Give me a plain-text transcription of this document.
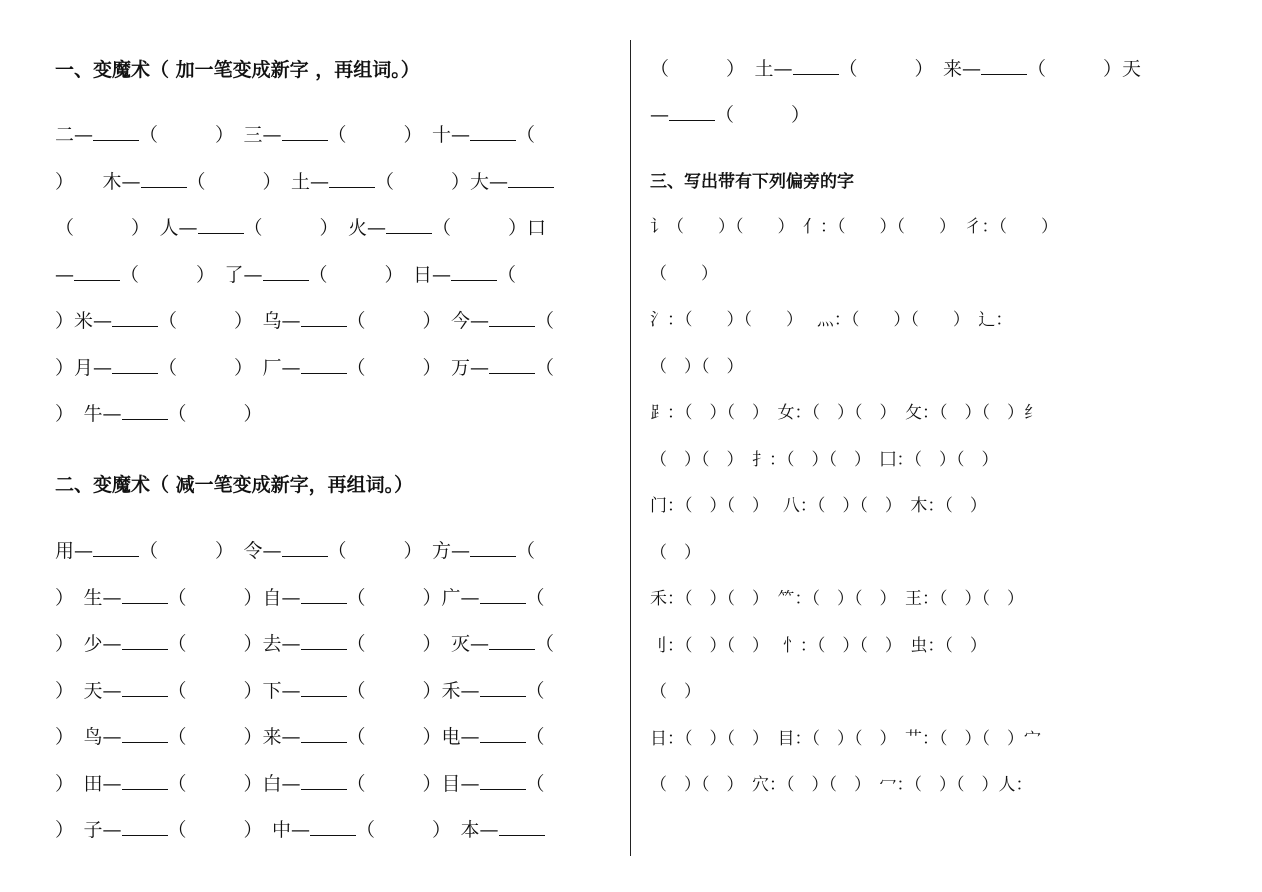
一、变魔术（ 加一笔变成新字 ，再组词。）
二— （　　　）　三— （　　　）　十— （
）　　木— （　　　）　土— （　　　）大—
（　　　）　人— （　　　）　火— （　　　）口
— （　　　）　了— （　　　）　日— （
）米— （　　　）　乌— （　　　）　今— （
）月— （　　　）　厂— （　　　）　万— （
）　牛— （　　　）
二、变魔术（ 减一笔变成新字，再组词。）
用— （　　　）　令— （　　　）　方— （
）　生— （　　　）自— （　　　）广— （
）　少— （　　　）去— （　　　）　灭— （
）　天— （　　　）下— （　　　）禾— （
）　鸟— （　　　）来— （　　　）电— （
）　田— （　　　）白— （　　　）目— （
）　子— （　　　）　中— （　　　）　本—
（　　　）　土— （　　　）　来— （　　　）天
— （　　　）
三、写出带有下列偏旁的字
讠（　　）（　　）　亻：（　　）（　　）　彳：（　　）
（　　）
氵：（　　）（　　）　 灬：（　　）（　　）　辶：
（　）（　）
⻊：（　）（　）　女：（　）（　）　攵：（　）（　）纟
（　）（　）　扌：（　）（　）　囗：（　）（　）
门：（　）（　）　 八：（　）（　）　木：（　）
（　）
禾：（　）（　）　⺮：（　）（　）　王：（　）（　）
刂：（　）（　）　 忄：（　）（　）　虫：（　）
（　）
日：（　）（　）　目：（　）（　）　艹：（　）（　）宀
（　）（　）　穴：（　）（　）　冖：（　）（　）人：
